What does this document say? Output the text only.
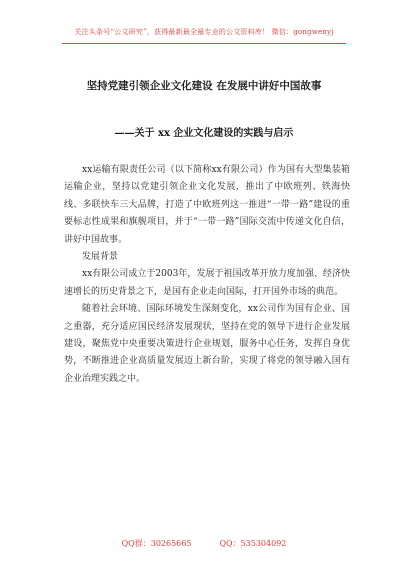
关注头条号“公文研究”，获得最新最全最专业的公文资料库！ 微信：gongwenyj
坚持党建引领企业文化建设 在发展中讲好中国故事
——关于 xx 企业文化建设的实践与启示

xx运输有限责任公司（以下简称xx有限公司）作为国有大型集装箱运输企业，坚持以党建引领企业文化发展，推出了中欧班列、铁海快线、多联快车三大品牌，打造了中欧班列这一推进“一带一路”建设的重要标志性成果和旗舰项目，并于“一带一路”国际交流中传递文化自信，讲好中国故事。

发展背景

xx有限公司成立于2003年，发展于祖国改革开放力度加强、经济快速增长的历史背景之下，是国有企业走向国际，打开国外市场的典范。

随着社会环境、国际环境发生深刻变化，xx公司作为国有企业、国之重器，充分适应国民经济发展现状，坚持在党的领导下进行企业发展建设，聚焦党中央重要决策进行企业规划，服务中心任务，发挥自身优势，不断推进企业高质量发展迈上新台阶，实现了将党的领导融入国有企业治理实践之中。

QQ群：30265665	QQ：535304092
